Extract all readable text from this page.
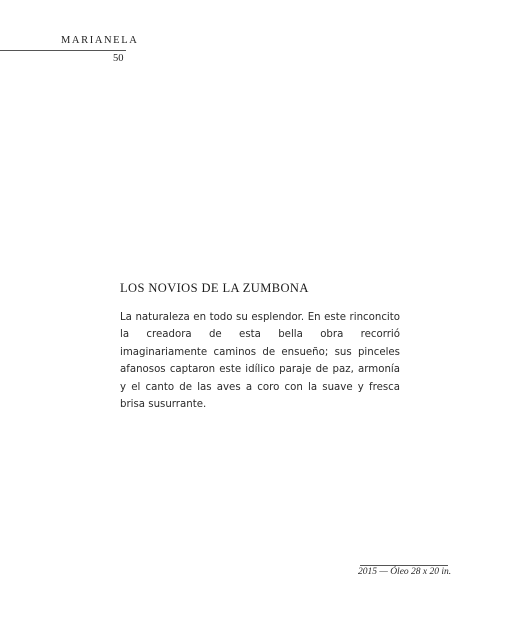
MARIANELA
50
LOS NOVIOS DE LA ZUMBONA

La naturaleza en todo su esplendor. En este rinconcito la creadora de esta bella obra recorrió imaginariamente caminos de ensueño; sus pinceles afanosos captaron este idílico paraje de paz, armonía y el canto de las aves a coro con la suave y fresca brisa susurrante.

2015 — Óleo 28 x 20 in.
